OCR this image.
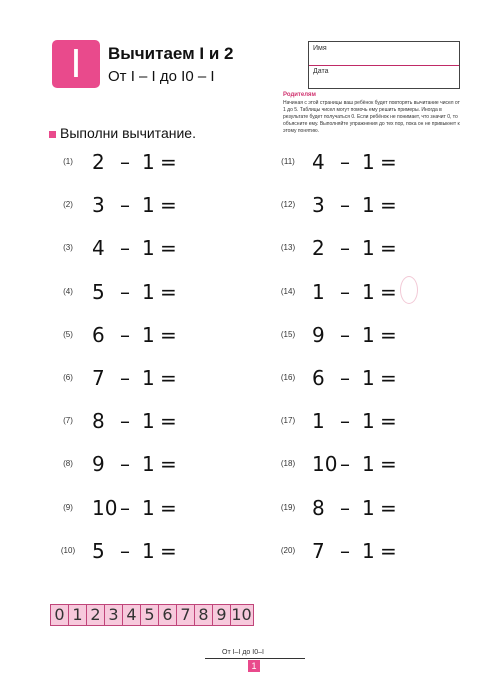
I	Вычитаем I и 2
От I – I до I0 – I
Имя
Дата
Родителям
Начиная с этой страницы ваш ребёнок будет повторять вычитание чисел от 1 до 5. Таблицы чисел могут помочь ему решить примеры. Иногда в результате будет получаться 0. Если ребёнок не понимает, что значит 0, то объясните ему. Выполняйте упражнения до тех пор, пока он не привыкнет к этому понятию.
Выполни вычитание.
(1) 2 – 1 =
(2) 3 – 1 =
(3) 4 – 1 =
(4) 5 – 1 =
(5) 6 – 1 =
(6) 7 – 1 =
(7) 8 – 1 =
(8) 9 – 1 =
(9) 10 – 1 =
(10) 5 – 1 =
(11) 4 – 1 =
(12) 3 – 1 =
(13) 2 – 1 =
(14) 1 – 1 =
(15) 9 – 1 =
(16) 6 – 1 =
(17) 1 – 1 =
(18) 10 – 1 =
(19) 8 – 1 =
(20) 7 – 1 =
0 1 2 3 4 5 6 7 8 9 10
От I–I до I0–I
1
